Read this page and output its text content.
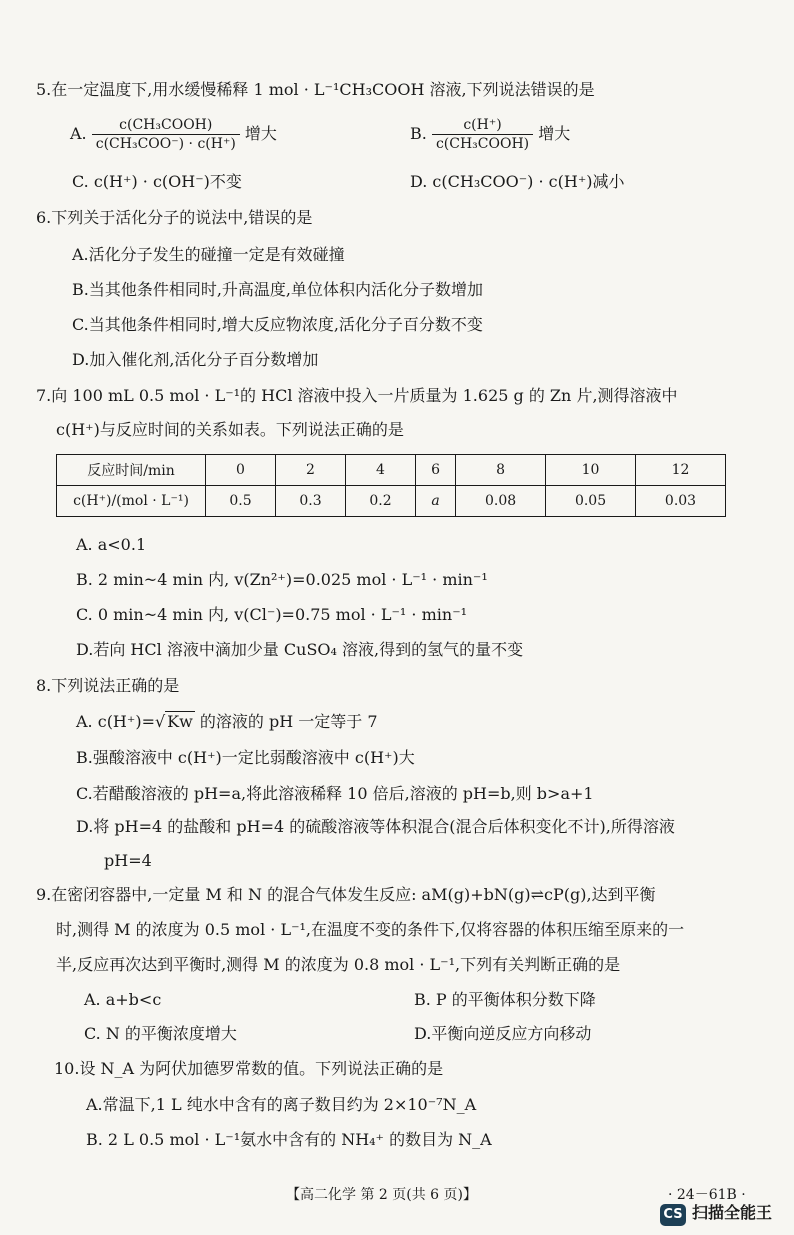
5.在一定温度下,用水缓慢稀释 1 mol · L⁻¹CH₃COOH 溶液,下列说法错误的是
A. $\frac{\text{c(CH₃COOH)}}{\text{c(CH₃COO⁻) · c(H⁺)}}$ 增大	B. $\frac{c(H^+)}{\text{c(CH₃COOH)}}$ 增大
C. c(H⁺) · c(OH⁻)不变	D. c(CH₃COO⁻) · c(H⁺)减小
6.下列关于活化分子的说法中,错误的是
A.活化分子发生的碰撞一定是有效碰撞
B.当其他条件相同时,升高温度,单位体积内活化分子数增加
C.当其他条件相同时,增大反应物浓度,活化分子百分数不变
D.加入催化剂,活化分子百分数增加
7.向 100 mL 0.5 mol · L⁻¹的 HCl 溶液中投入一片质量为 1.625 g 的 Zn 片,测得溶液中
c(H⁺)与反应时间的关系如表。下列说法正确的是
反应时间/min	0	2	4	6	8	10	12
c(H⁺)/(mol · L⁻¹)	0.5	0.3	0.2	a	0.08	0.05	0.03
A. a<0.1
B. 2 min~4 min 内, v(Zn²⁺)=0.025 mol · L⁻¹ · min⁻¹
C. 0 min~4 min 内, v(Cl⁻)=0.75 mol · L⁻¹ · min⁻¹
D.若向 HCl 溶液中滴加少量 CuSO₄ 溶液,得到的氢气的量不变
8.下列说法正确的是
A. c(H⁺)=√ Kw 的溶液的 pH 一定等于 7
B.强酸溶液中 c(H⁺)一定比弱酸溶液中 c(H⁺)大
C.若醋酸溶液的 pH=a,将此溶液稀释 10 倍后,溶液的 pH=b,则 b>a+1
D.将 pH=4 的盐酸和 pH=4 的硫酸溶液等体积混合(混合后体积变化不计),所得溶液
pH=4
9.在密闭容器中,一定量 M 和 N 的混合气体发生反应: aM(g)+bN(g)⇌cP(g),达到平衡
时,测得 M 的浓度为 0.5 mol · L⁻¹,在温度不变的条件下,仅将容器的体积压缩至原来的一
半,反应再次达到平衡时,测得 M 的浓度为 0.8 mol · L⁻¹,下列有关判断正确的是
A. a+b<c	B. P 的平衡体积分数下降
C. N 的平衡浓度增大	D.平衡向逆反应方向移动
10.设 N_A 为阿伏加德罗常数的值。下列说法正确的是
A.常温下,1 L 纯水中含有的离子数目约为 2×10⁻⁷N_A
B. 2 L 0.5 mol · L⁻¹氨水中含有的 NH₄⁺ 的数目为 N_A
【高二化学 第 2 页(共 6 页)】	· 24－61B ·
CS 扫描全能王
